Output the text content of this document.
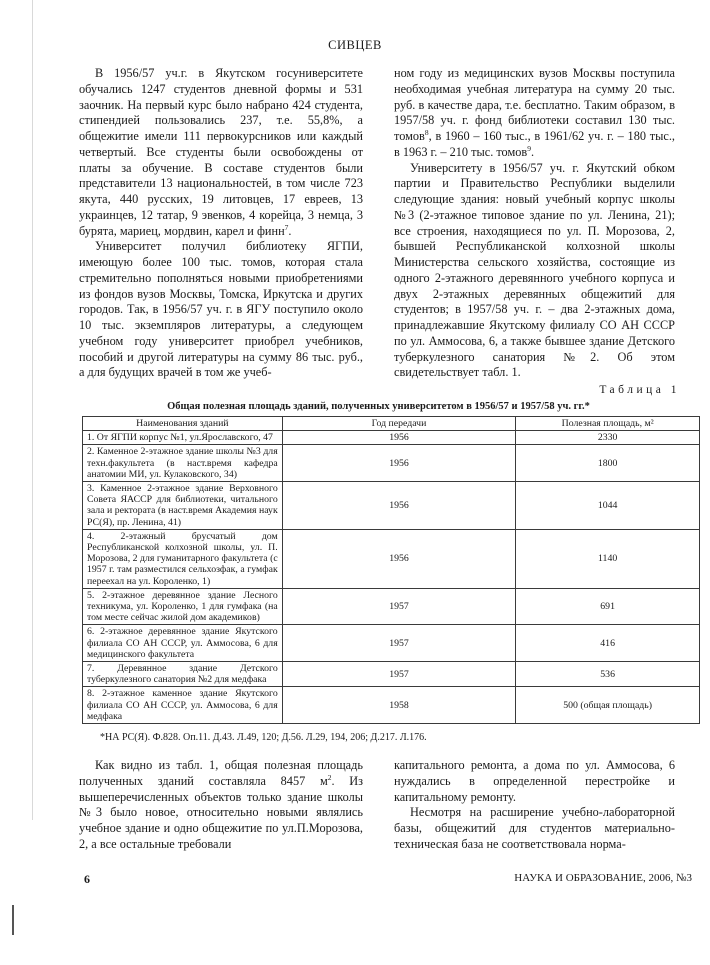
СИВЦЕВ

В 1956/57 уч.г. в Якутском госуниверситете обучались 1247 студентов дневной формы и 531 заочник. На первый курс было набрано 424 студента, стипендией пользовались 237, т.е. 55,8%, а общежитие имели 111 первокурсников или каждый четвертый. Все студенты были освобождены от платы за обучение. В составе студентов были представители 13 национальностей, в том числе 723 якута, 440 русских, 19 литовцев, 17 евреев, 13 украинцев, 12 татар, 9 эвенков, 4 корейца, 3 немца, 3 бурята, мариец, мордвин, карел и финн$^7$.

Университет получил библиотеку ЯГПИ, имеющую более 100 тыс. томов, которая стала стремительно пополняться новыми приобретениями из фондов вузов Москвы, Томска, Иркутска и других городов. Так, в 1956/57 уч. г. в ЯГУ поступило около 10 тыс. экземпляров литературы, а следующем учебном году университет приобрел учебников, пособий и другой литературы на сумму 86 тыс. руб., а для будущих врачей в том же учеб-

ном году из медицинских вузов Москвы поступила необходимая учебная литература на сумму 20 тыс. руб. в качестве дара, т.е. бесплатно. Таким образом, в 1957/58 уч. г. фонд библиотеки составил 130 тыс. томов$^8$, в 1960 – 160 тыс., в 1961/62 уч. г. – 180 тыс., в 1963 г. – 210 тыс. томов$^9$.

Университету в 1956/57 уч. г. Якутский обком партии и Правительство Республики выделили следующие здания: новый учебный корпус школы №3 (2-этажное типовое здание по ул. Ленина, 21); все строения, находящиеся по ул. П. Морозова, 2, бывшей Республиканской колхозной школы Министерства сельского хозяйства, состоящие из одного 2-этажного деревянного учебного корпуса и двух 2-этажных деревянных общежитий для студентов; в 1957/58 уч. г. – два 2-этажных дома, принадлежавшие Якутскому филиалу СО АН СССР по ул. Аммосова, 6, а также бывшее здание Детского туберкулезного санатория №2. Об этом свидетельствует табл. 1.

Таблица 1
Общая полезная площадь зданий, полученных университетом в 1956/57 и 1957/58 уч. гг.*
Наименования зданий	Год передачи	Полезная площадь, м²
1. От ЯГПИ корпус №1, ул.Ярославского, 47	1956	2330
2. Каменное 2-этажное здание школы №3 для техн.факультета (в наст.время кафедра анатомии МИ, ул. Кулаковского, 34)	1956	1800
3. Каменное 2-этажное здание Верховного Совета ЯАССР для библиотеки, читального зала и ректората (в наст.время Академия наук РС(Я), пр. Ленина, 41)	1956	1044
4. 2-этажный брусчатый дом Республиканской колхозной школы, ул. П. Морозова, 2 для гуманитарного факультета (с 1957 г. там разместился сельхозфак, а гумфак переехал на ул. Короленко, 1)	1956	1140
5. 2-этажное деревянное здание Лесного техникума, ул. Короленко, 1 для гумфака (на том месте сейчас жилой дом академиков)	1957	691
6. 2-этажное деревянное здание Якутского филиала СО АН СССР, ул. Аммосова, 6 для медицинского факультета	1957	416
7. Деревянное здание Детского туберкулезного санатория №2 для медфака	1957	536
8. 2-этажное каменное здание Якутского филиала СО АН СССР, ул. Аммосова, 6 для медфака	1958	500 (общая площадь)
*НА РС(Я). Ф.828. Оп.11. Д.43. Л.49, 120; Д.56. Л.29, 194, 206; Д.217. Л.176.

Как видно из табл. 1, общая полезная площадь полученных зданий составляла 8457 $м^2$. Из вышеперечисленных объектов только здание школы №3 было новое, относительно новыми являлись учебное здание и одно общежитие по ул.П.Морозова, 2, а все остальные требовали

капитального ремонта, а дома по ул. Аммосова, 6 нуждались в определенной перестройке и капитальному ремонту.

Несмотря на расширение учебно-лабораторной базы, общежитий для студентов материально-техническая база не соответствовала норма-

6	НАУКА И ОБРАЗОВАНИЕ, 2006, №3
